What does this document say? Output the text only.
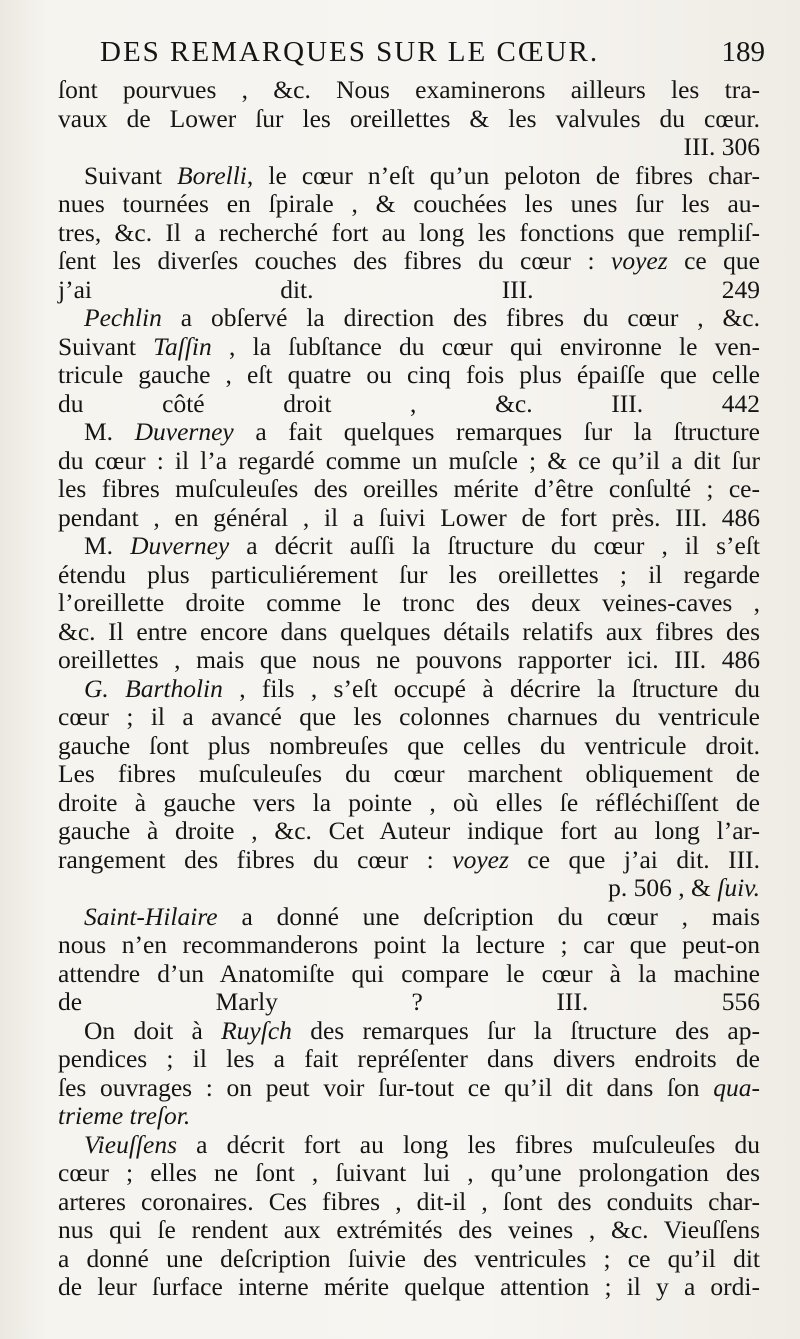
DES REMARQUES SUR LE CŒUR.	189
ſont pourvues , &c. Nous examinerons ailleurs les tra-
vaux de Lower ſur les oreillettes & les valvules du cœur.
III. 306
Suivant Borelli, le cœur n’eſt qu’un peloton de fibres char-
nues tournées en ſpirale , & couchées les unes ſur les au-
tres, &c. Il a recherché fort au long les fonctions que rempliſ-
ſent les diverſes couches des fibres du cœur : voyez ce que
j’ai dit. III. 249
Pechlin a obſervé la direction des fibres du cœur , &c.
Suivant Taſſin , la ſubſtance du cœur qui environne le ven-
tricule gauche , eſt quatre ou cinq fois plus épaiſſe que celle
du côté droit , &c. III. 442
M. Duverney a fait quelques remarques ſur la ſtructure
du cœur : il l’a regardé comme un muſcle ; & ce qu’il a dit ſur
les fibres muſculeuſes des oreilles mérite d’être conſulté ; ce-
pendant , en général , il a ſuivi Lower de fort près. III. 486
M. Duverney a décrit auſſi la ſtructure du cœur , il s’eſt
étendu plus particuliérement ſur les oreillettes ; il regarde
l’oreillette droite comme le tronc des deux veines-caves ,
&c. Il entre encore dans quelques détails relatifs aux fibres des
oreillettes , mais que nous ne pouvons rapporter ici. III. 486
G. Bartholin , fils , s’eſt occupé à décrire la ſtructure du
cœur ; il a avancé que les colonnes charnues du ventricule
gauche ſont plus nombreuſes que celles du ventricule droit.
Les fibres muſculeuſes du cœur marchent obliquement de
droite à gauche vers la pointe , où elles ſe réfléchiſſent de
gauche à droite , &c. Cet Auteur indique fort au long l’ar-
rangement des fibres du cœur : voyez ce que j’ai dit. III.
p. 506 , & ſuiv.
Saint-Hilaire a donné une deſcription du cœur , mais
nous n’en recommanderons point la lecture ; car que peut-on
attendre d’un Anatomiſte qui compare le cœur à la machine
de Marly ? III. 556
On doit à Ruyſch des remarques ſur la ſtructure des ap-
pendices ; il les a fait repréſenter dans divers endroits de
ſes ouvrages : on peut voir ſur-tout ce qu’il dit dans ſon qua-
trieme treſor.
Vieuſſens a décrit fort au long les fibres muſculeuſes du
cœur ; elles ne ſont , ſuivant lui , qu’une prolongation des
arteres coronaires. Ces fibres , dit-il , ſont des conduits char-
nus qui ſe rendent aux extrémités des veines , &c. Vieuſſens
a donné une deſcription ſuivie des ventricules ; ce qu’il dit
de leur ſurface interne mérite quelque attention ; il y a ordi-
